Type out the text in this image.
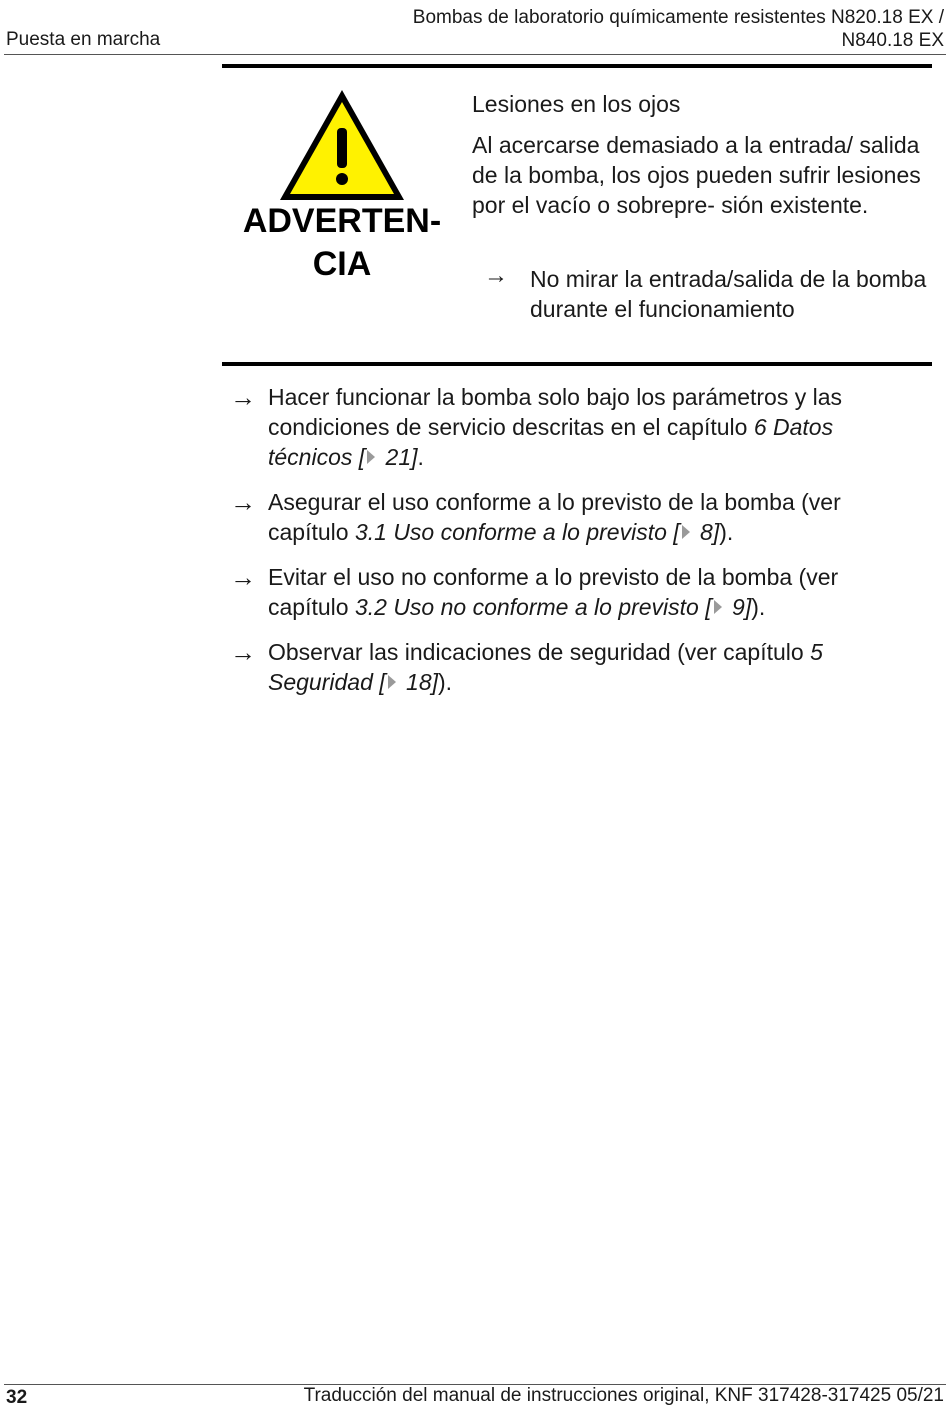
Puesta en marcha
Bombas de laboratorio químicamente resistentes N820.18 EX /
N840.18 EX
ADVERTEN-
CIA
Lesiones en los ojos
Al acercarse demasiado a la entrada/ salida de la bomba, los ojos pueden sufrir lesiones por el vacío o sobrepre- sión existente.
→ No mirar la entrada/salida de la bomba durante el funcionamiento
→ Hacer funcionar la bomba solo bajo los parámetros y las condiciones de servicio descritas en el capítulo 6 Datos técnicos [ 21].
→ Asegurar el uso conforme a lo previsto de la bomba (ver capítulo 3.1 Uso conforme a lo previsto [ 8]).
→ Evitar el uso no conforme a lo previsto de la bomba (ver capítulo 3.2 Uso no conforme a lo previsto [ 9]).
→ Observar las indicaciones de seguridad (ver capítulo 5 Seguridad [ 18]).
32	Traducción del manual de instrucciones original, KNF 317428-317425 05/21
